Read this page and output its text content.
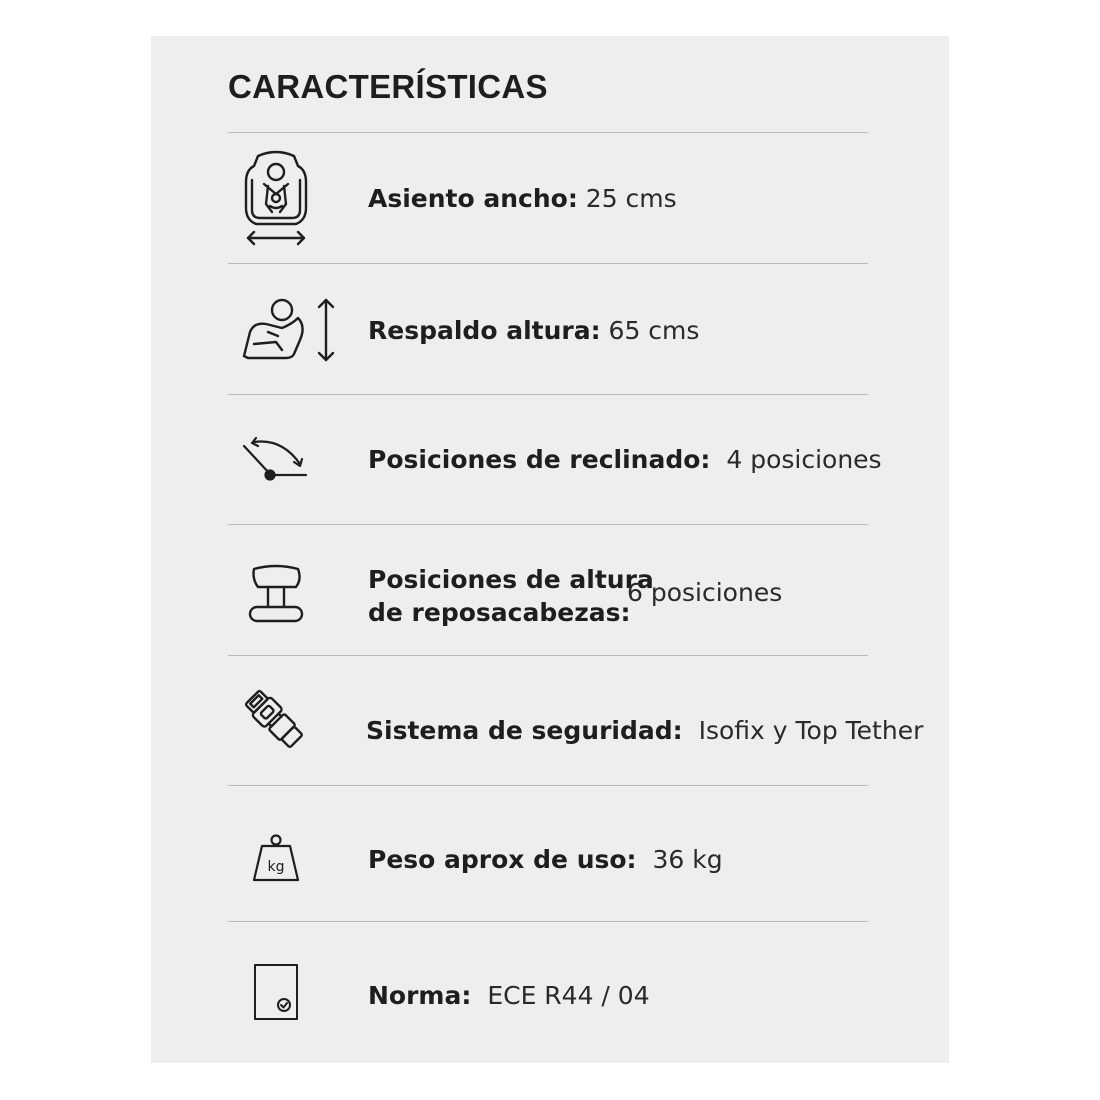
CARACTERÍSTICAS
Asiento ancho: 25 cms
Respaldo altura: 65 cms
Posiciones de reclinado: 4 posiciones
Posiciones de altura
de reposacabezas:
6 posiciones
Sistema de seguridad: Isofix y Top Tether
kg	Peso aprox de uso: 36 kg
Norma: ECE R44 / 04
